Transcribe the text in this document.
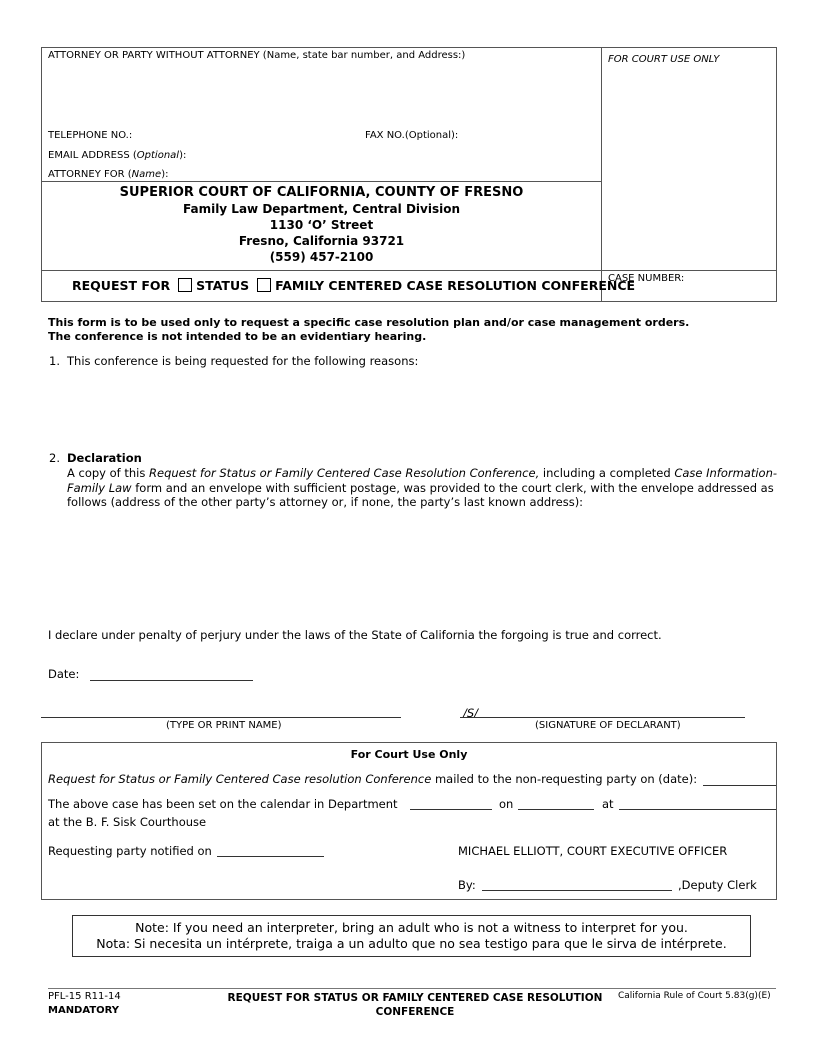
ATTORNEY OR PARTY WITHOUT ATTORNEY (Name, state bar number, and Address:)	FOR COURT USE ONLY
TELEPHONE NO.:	FAX NO.(Optional):
EMAIL ADDRESS (Optional):
ATTORNEY FOR (Name):
SUPERIOR COURT OF CALIFORNIA, COUNTY OF FRESNO
Family Law Department, Central Division
1130 ‘O’ Street
Fresno, California 93721
(559) 457-2100
CASE NUMBER:
REQUEST FOR STATUS FAMILY CENTERED CASE RESOLUTION CONFERENCE
This form is to be used only to request a specific case resolution plan and/or case management orders.
The conference is not intended to be an evidentiary hearing.
1. This conference is being requested for the following reasons:
2. Declaration
A copy of this Request for Status or Family Centered Case Resolution Conference, including a completed Case Information-Family Law form and an envelope with sufficient postage, was provided to the court clerk, with the envelope addressed as follows (address of the other party’s attorney or, if none, the party’s last known address):
I declare under penalty of perjury under the laws of the State of California the forgoing is true and correct.
Date:
/S/
(TYPE OR PRINT NAME)	(SIGNATURE OF DECLARANT)
For Court Use Only
Request for Status or Family Centered Case resolution Conference mailed to the non-requesting party on (date):
The above case has been set on the calendar in Department	on	at
at the B. F. Sisk Courthouse
Requesting party notified on	MICHAEL ELLIOTT, COURT EXECUTIVE OFFICER
By:	,Deputy Clerk
Note: If you need an interpreter, bring an adult who is not a witness to interpret for you.
Nota: Si necesita un intérprete, traiga a un adulto que no sea testigo para que le sirva de intérprete.
PFL-15 R11-14
MANDATORY
REQUEST FOR STATUS OR FAMILY CENTERED CASE RESOLUTION
CONFERENCE
California Rule of Court 5.83(g)(E)
